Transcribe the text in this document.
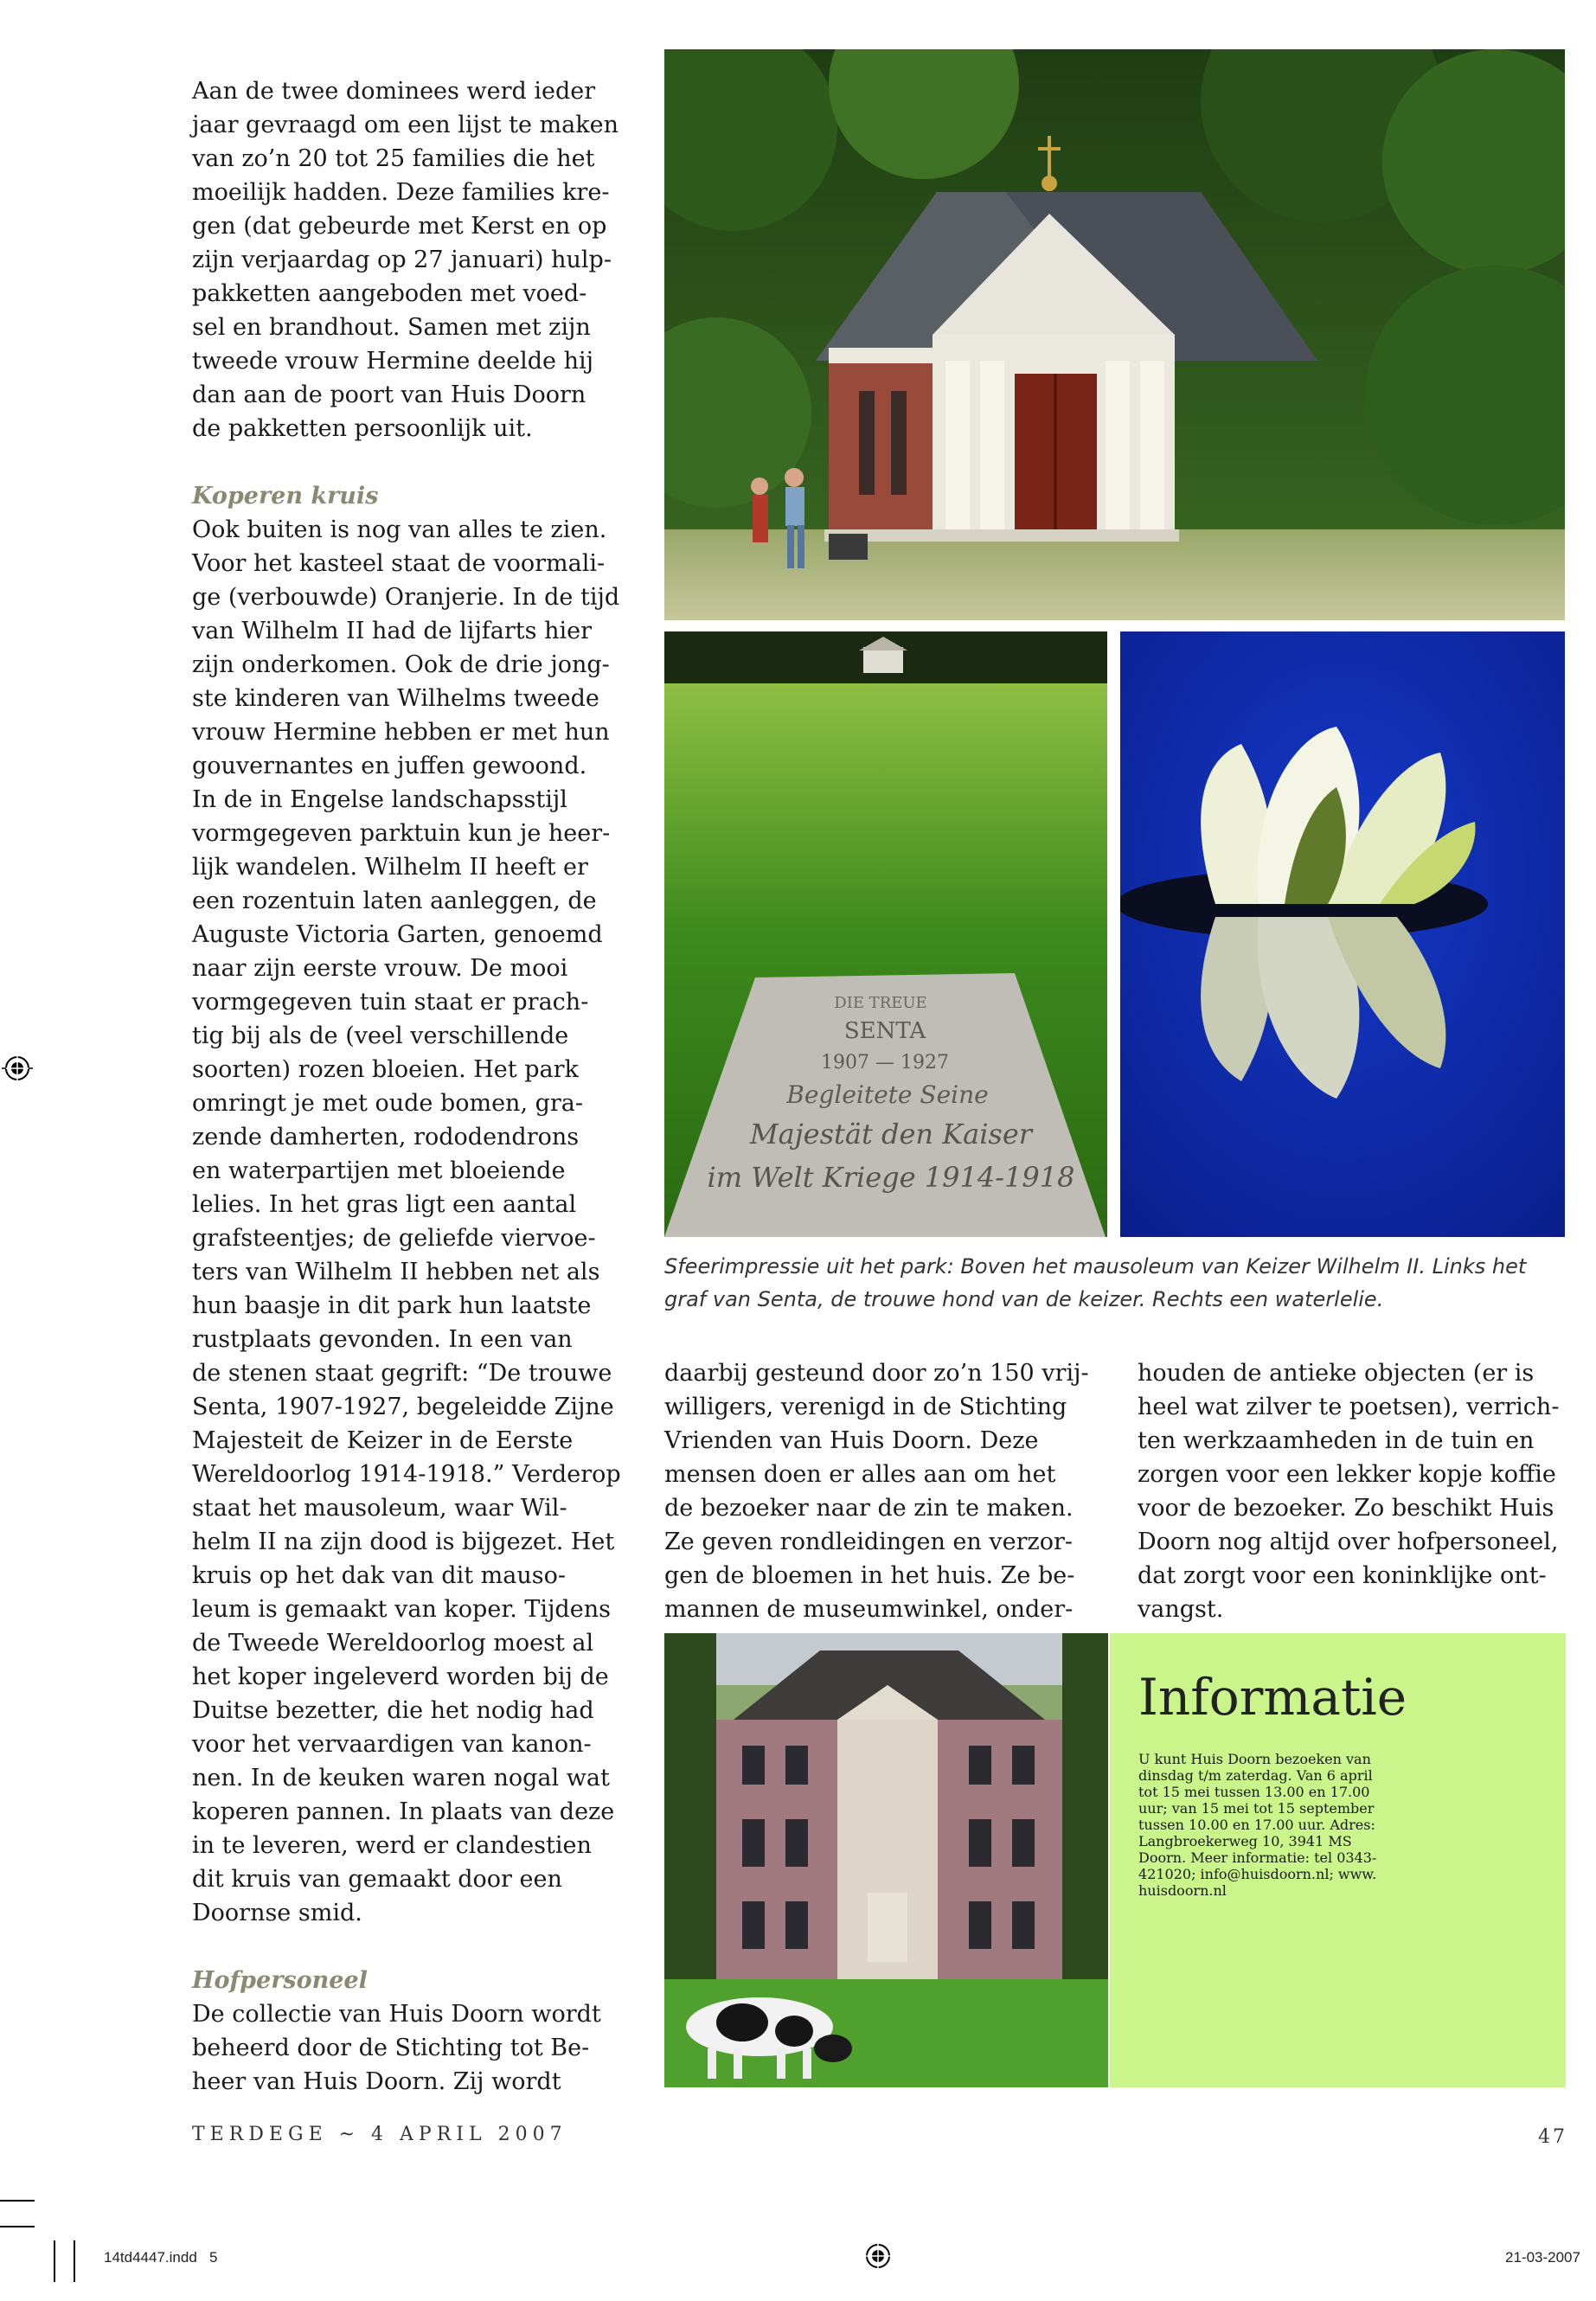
Aan de twee dominees werd ieder
jaar gevraagd om een lijst te maken
van zo’n 20 tot 25 families die het
moeilijk hadden. Deze families kre-
gen (dat gebeurde met Kerst en op
zijn verjaardag op 27 januari) hulp-
pakketten aangeboden met voed-
sel en brandhout. Samen met zijn
tweede vrouw Hermine deelde hij
dan aan de poort van Huis Doorn
de pakketten persoonlijk uit.

Koperen kruis

Ook buiten is nog van alles te zien.
Voor het kasteel staat de voormali-
ge (verbouwde) Oranjerie. In de tijd
van Wilhelm II had de lijfarts hier
zijn onderkomen. Ook de drie jong-
ste kinderen van Wilhelms tweede
vrouw Hermine hebben er met hun
gouvernantes en juffen gewoond.
In de in Engelse landschapsstijl
vormgegeven parktuin kun je heer-
lijk wandelen. Wilhelm II heeft er
een rozentuin laten aanleggen, de
Auguste Victoria Garten, genoemd
naar zijn eerste vrouw. De mooi
vormgegeven tuin staat er prach-
tig bij als de (veel verschillende
soorten) rozen bloeien. Het park
omringt je met oude bomen, gra-
zende damherten, rododendrons
en waterpartijen met bloeiende
lelies. In het gras ligt een aantal
grafsteentjes; de geliefde viervoe-
ters van Wilhelm II hebben net als
hun baasje in dit park hun laatste
rustplaats gevonden. In een van
de stenen staat gegrift: “De trouwe
Senta, 1907-1927, begeleidde Zijne
Majesteit de Keizer in de Eerste
Wereldoorlog 1914-1918.” Verderop
staat het mausoleum, waar Wil-
helm II na zijn dood is bijgezet. Het
kruis op het dak van dit mauso-
leum is gemaakt van koper. Tijdens
de Tweede Wereldoorlog moest al
het koper ingeleverd worden bij de
Duitse bezetter, die het nodig had
voor het vervaardigen van kanon-
nen. In de keuken waren nogal wat
koperen pannen. In plaats van deze
in te leveren, werd er clandestien
dit kruis van gemaakt door een
Doornse smid.

Hofpersoneel

De collectie van Huis Doorn wordt
beheerd door de Stichting tot Be-
heer van Huis Doorn. Zij wordt
DIE TREUE
SENTA
1907 — 1927
Begleitete Seine
Majestät den Kaiser
im Welt Kriege 1914-1918
Sfeerimpressie uit het park: Boven het mausoleum van Keizer Wilhelm II. Links het
graf van Senta, de trouwe hond van de keizer. Rechts een waterlelie.
daarbij gesteund door zo’n 150 vrij-
willigers, verenigd in de Stichting
Vrienden van Huis Doorn. Deze
mensen doen er alles aan om het
de bezoeker naar de zin te maken.
Ze geven rondleidingen en verzor-
gen de bloemen in het huis. Ze be-
mannen de museumwinkel, onder-
houden de antieke objecten (er is
heel wat zilver te poetsen), verrich-
ten werkzaamheden in de tuin en
zorgen voor een lekker kopje koffie
voor de bezoeker. Zo beschikt Huis
Doorn nog altijd over hofpersoneel,
dat zorgt voor een koninklijke ont-
vangst.

Informatie

U kunt Huis Doorn bezoeken van
dinsdag t/m zaterdag. Van 6 april
tot 15 mei tussen 13.00 en 17.00
uur; van 15 mei tot 15 september
tussen 10.00 en 17.00 uur. Adres:
Langbroekerweg 10, 3941 MS
Doorn. Meer informatie: tel 0343-
421020; info@huisdoorn.nl; www.
huisdoorn.nl
TERDEGE ~ 4 APRIL 2007	47
14td4447.indd   5	21-03-2007
